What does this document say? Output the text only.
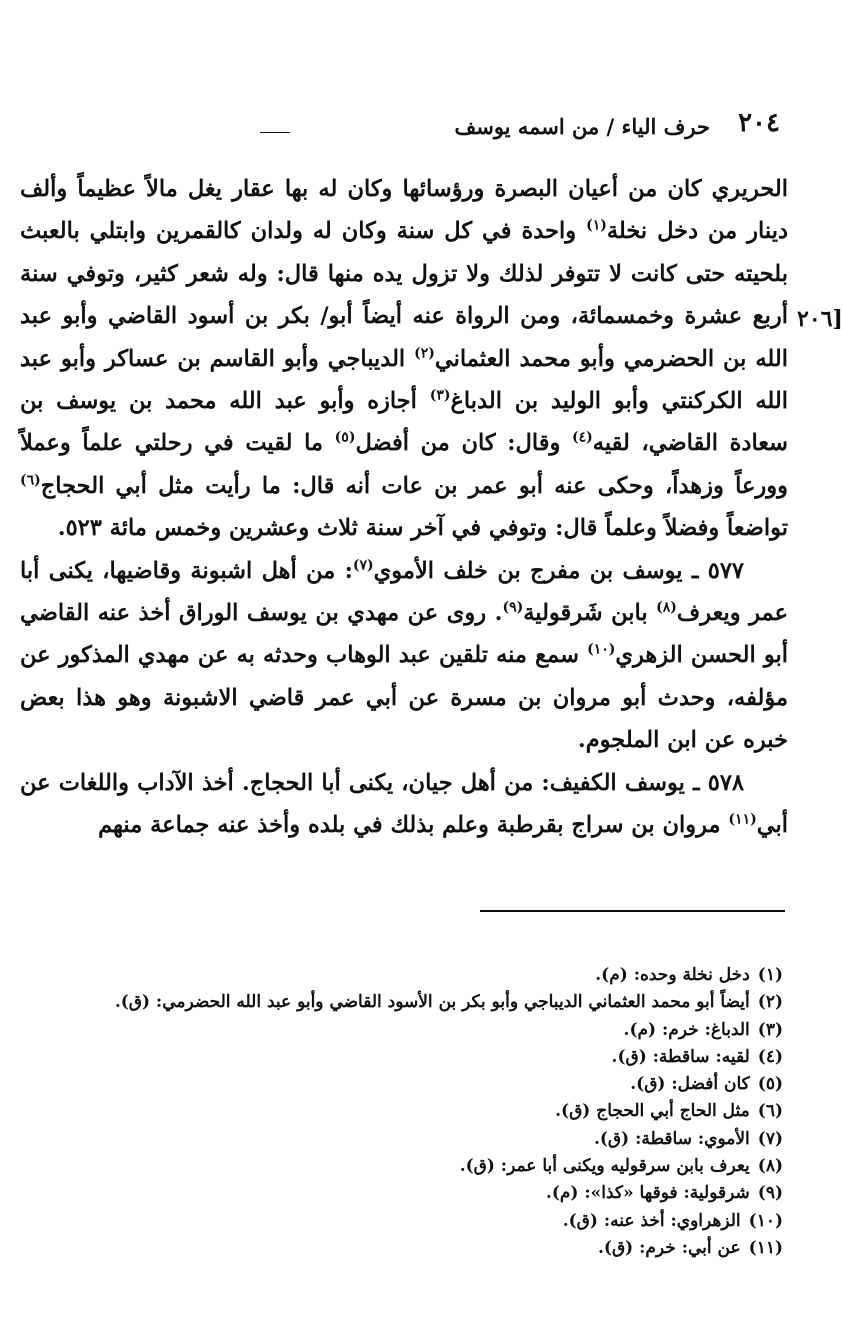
٢٠٤
حرف الياء / من اسمه يوسف
[٢٠٦

الحريري كان من أعيان البصرة ورؤسائها وكان له بها عقار يغل مالاً عظيماً وألف دينار من دخل نخلة$^{(١)}$ واحدة في كل سنة وكان له ولدان كالقمرين وابتلي بالعبث بلحيته حتى كانت لا تتوفر لذلك ولا تزول يده منها قال: وله شعر كثير، وتوفي سنة أربع عشرة وخمسمائة، ومن الرواة عنه أيضاً أبو/ بكر بن أسود القاضي وأبو عبد الله بن الحضرمي وأبو محمد العثماني$^{(٢)}$ الديباجي وأبو القاسم بن عساكر وأبو عبد الله الكركنتي وأبو الوليد بن الدباغ$^{(٣)}$ أجازه وأبو عبد الله محمد بن يوسف بن سعادة القاضي، لقيه$^{(٤)}$ وقال: كان من أفضل$^{(٥)}$ ما لقيت في رحلتي علماً وعملاً وورعاً وزهداً، وحكى عنه أبو عمر بن عات أنه قال: ما رأيت مثل أبي الحجاج$^{(٦)}$ تواضعاً وفضلاً وعلماً قال: وتوفي في آخر سنة ثلاث وعشرين وخمس مائة ٥٢٣.

٥٧٧ ـ يوسف بن مفرج بن خلف الأموي$^{(٧)}$: من أهل اشبونة وقاضيها، يكنى أبا عمر ويعرف$^{(٨)}$ بابن شَرقولية$^{(٩)}$. روى عن مهدي بن يوسف الوراق أخذ عنه القاضي أبو الحسن الزهري$^{(١٠)}$ سمع منه تلقين عبد الوهاب وحدثه به عن مهدي المذكور عن مؤلفه، وحدث أبو مروان بن مسرة عن أبي عمر قاضي الاشبونة وهو هذا بعض خبره عن ابن الملجوم.

٥٧٨ ـ يوسف الكفيف: من أهل جيان، يكنى أبا الحجاج. أخذ الآداب واللغات عن أبي$^{(١١)}$ مروان بن سراج بقرطبة وعلم بذلك في بلده وأخذ عنه جماعة منهم

(١)دخل نخلة وحده: (م).
(٢)أيضاً أبو محمد العثماني الديباجي وأبو بكر بن الأسود القاضي وأبو عبد الله الحضرمي: (ق).
(٣)الدباغ: خرم: (م).
(٤)لقيه: ساقطة: (ق).
(٥)كان أفضل: (ق).
(٦)مثل الحاج أبي الحجاج (ق).
(٧)الأموي: ساقطة: (ق).
(٨)يعرف بابن سرقوليه ويكنى أبا عمر: (ق).
(٩)شرقولية: فوقها «كذا»: (م).
(١٠)الزهراوي: أخذ عنه: (ق).
(١١)عن أبي: خرم: (ق).
